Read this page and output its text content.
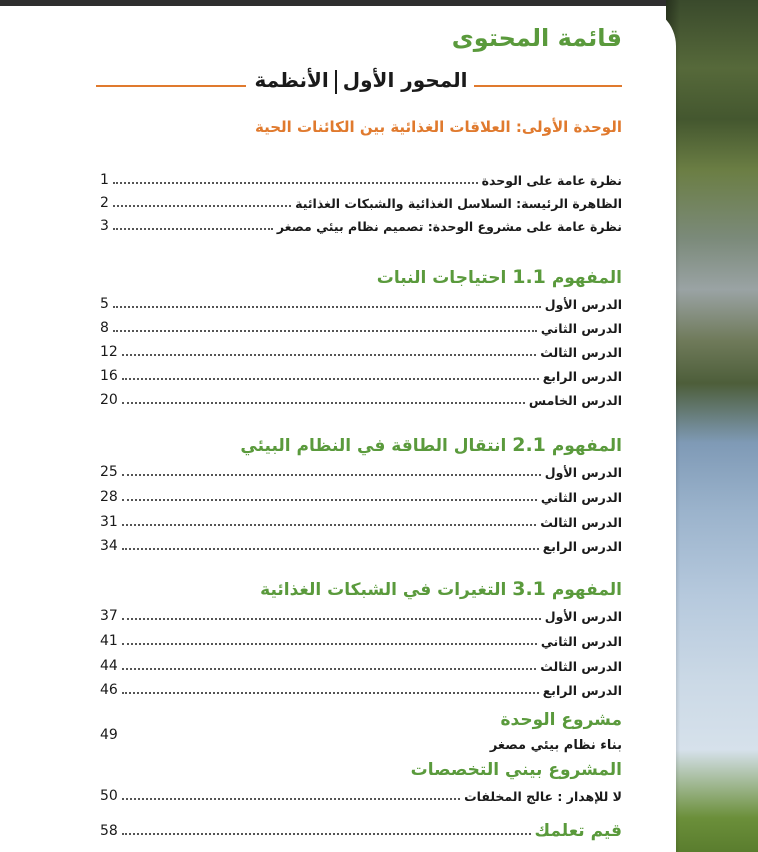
قائمة المحتوى
المحور الأولالأنظمة
الوحدة الأولى: العلاقات الغذائية بين الكائنات الحية
نظرة عامة على الوحدة
1
الظاهرة الرئيسة: السلاسل الغذائية والشبكات الغذائية
2
نظرة عامة على مشروع الوحدة: تصميم نظام بيئي مصغر
3
المفهوم 1.1 احتياجات النبات
الدرس الأول
5
الدرس الثاني
8
الدرس الثالث
12
الدرس الرابع
16
الدرس الخامس
20
المفهوم 2.1 انتقال الطاقة في النظام البيئي
الدرس الأول
25
الدرس الثاني
28
الدرس الثالث
31
الدرس الرابع
34
المفهوم 3.1 التغيرات في الشبكات الغذائية
الدرس الأول
37
الدرس الثاني
41
الدرس الثالث
44
الدرس الرابع
46
مشروع الوحدة
بناء نظام بيئي مصغر
49
المشروع بيني التخصصات
لا للإهدار : عالج المخلفات
50
قيم تعلمك
58
